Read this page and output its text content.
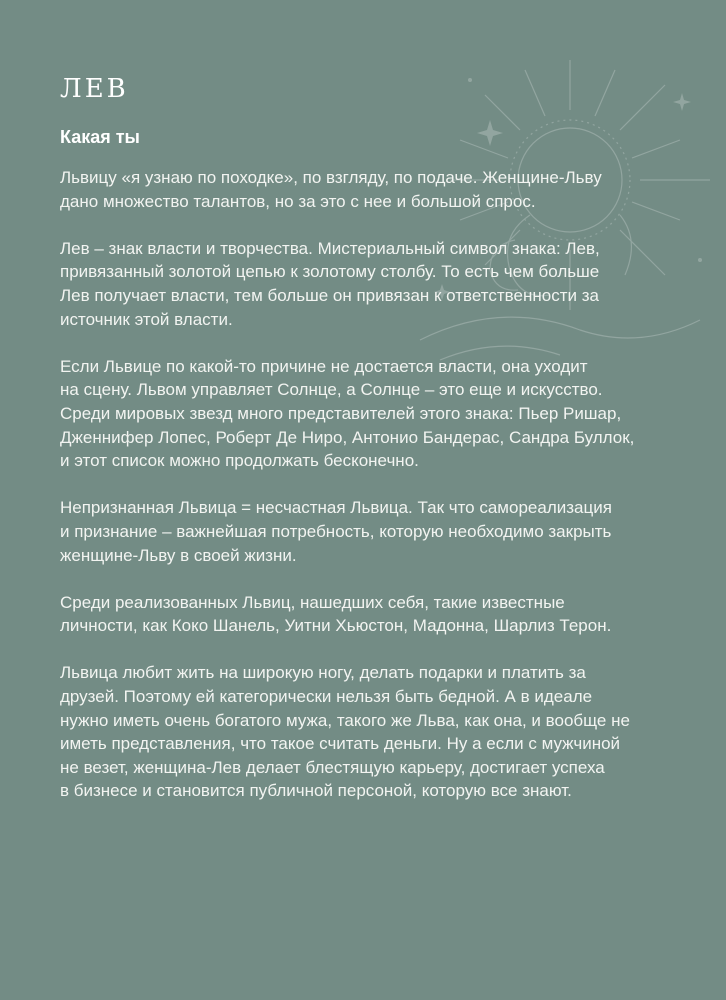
ЛЕВ
Какая ты

Львицу «я узнаю по походке», по взгляду, по подаче. Женщине-Льву
дано множество талантов, но за это с нее и большой спрос.

Лев – знак власти и творчества. Мистериальный символ знака: Лев,
привязанный золотой цепью к золотому столбу. То есть чем больше
Лев получает власти, тем больше он привязан к ответственности за
источник этой власти.

Если Львице по какой-то причине не достается власти, она уходит
на сцену. Львом управляет Солнце, а Солнце – это еще и искусство.
Среди мировых звезд много представителей этого знака: Пьер Ришар,
Дженнифер Лопес, Роберт Де Ниро, Антонио Бандерас, Сандра Буллок,
и этот список можно продолжать бесконечно.

Непризнанная Львица = несчастная Львица. Так что самореализация
и признание – важнейшая потребность, которую необходимо закрыть
женщине-Льву в своей жизни.

Среди реализованных Львиц, нашедших себя, такие известные
личности, как Коко Шанель, Уитни Хьюстон, Мадонна, Шарлиз Терон.

Львица любит жить на широкую ногу, делать подарки и платить за
друзей. Поэтому ей категорически нельзя быть бедной. А в идеале
нужно иметь очень богатого мужа, такого же Льва, как она, и вообще не
иметь представления, что такое считать деньги. Ну а если с мужчиной
не везет, женщина-Лев делает блестящую карьеру, достигает успеха
в бизнесе и становится публичной персоной, которую все знают.
